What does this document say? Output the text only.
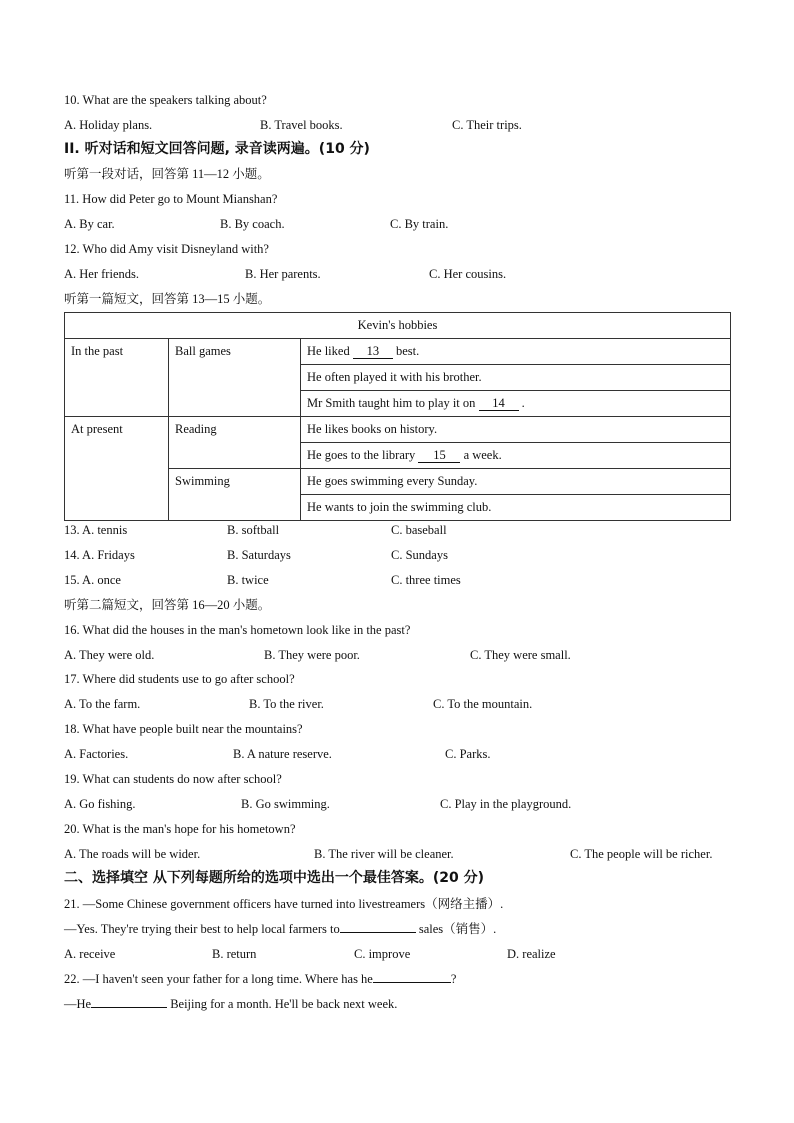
10. What are the speakers talking about?
A. Holiday plans.	B. Travel books.	C. Their trips.
II. 听对话和短文回答问题, 录音读两遍。(10 分)
听第一段对话，回答第 11—12 小题。
11. How did Peter go to Mount Mianshan?
A. By car.	B. By coach.	C. By train.
12. Who did Amy visit Disneyland with?
A. Her friends.	B. Her parents.	C. Her cousins.
听第一篇短文，回答第 13—15 小题。
Kevin's hobbies		
In the past	Ball games	He liked 13 best.
		He often played it with his brother.
		Mr Smith taught him to play it on 14 .
At present	Reading	He likes books on history.
		He goes to the library 15 a week.
	Swimming	He goes swimming every Sunday.
		He wants to join the swimming club.
13. A. tennis	B. softball	C. baseball
14. A. Fridays	B. Saturdays	C. Sundays
15. A. once	B. twice	C. three times
听第二篇短文，回答第 16—20 小题。
16. What did the houses in the man's hometown look like in the past?
A. They were old.	B. They were poor.	C. They were small.
17. Where did students use to go after school?
A. To the farm.	B. To the river.	C. To the mountain.
18. What have people built near the mountains?
A. Factories.	B. A nature reserve.	C. Parks.
19. What can students do now after school?
A. Go fishing.	B. Go swimming.	C. Play in the playground.
20. What is the man's hope for his hometown?
A. The roads will be wider.	B. The river will be cleaner.	C. The people will be richer.
二、选择填空 从下列每题所给的选项中选出一个最佳答案。(20 分)
21. —Some Chinese government officers have turned into livestreamers（网络主播）.
—Yes. They're trying their best to help local farmers to	sales（销售）.
A. receive	B. return	C. improve	D. realize
22. —I haven't seen your father for a long time. Where has he	?
—He	Beijing for a month. He'll be back next week.
